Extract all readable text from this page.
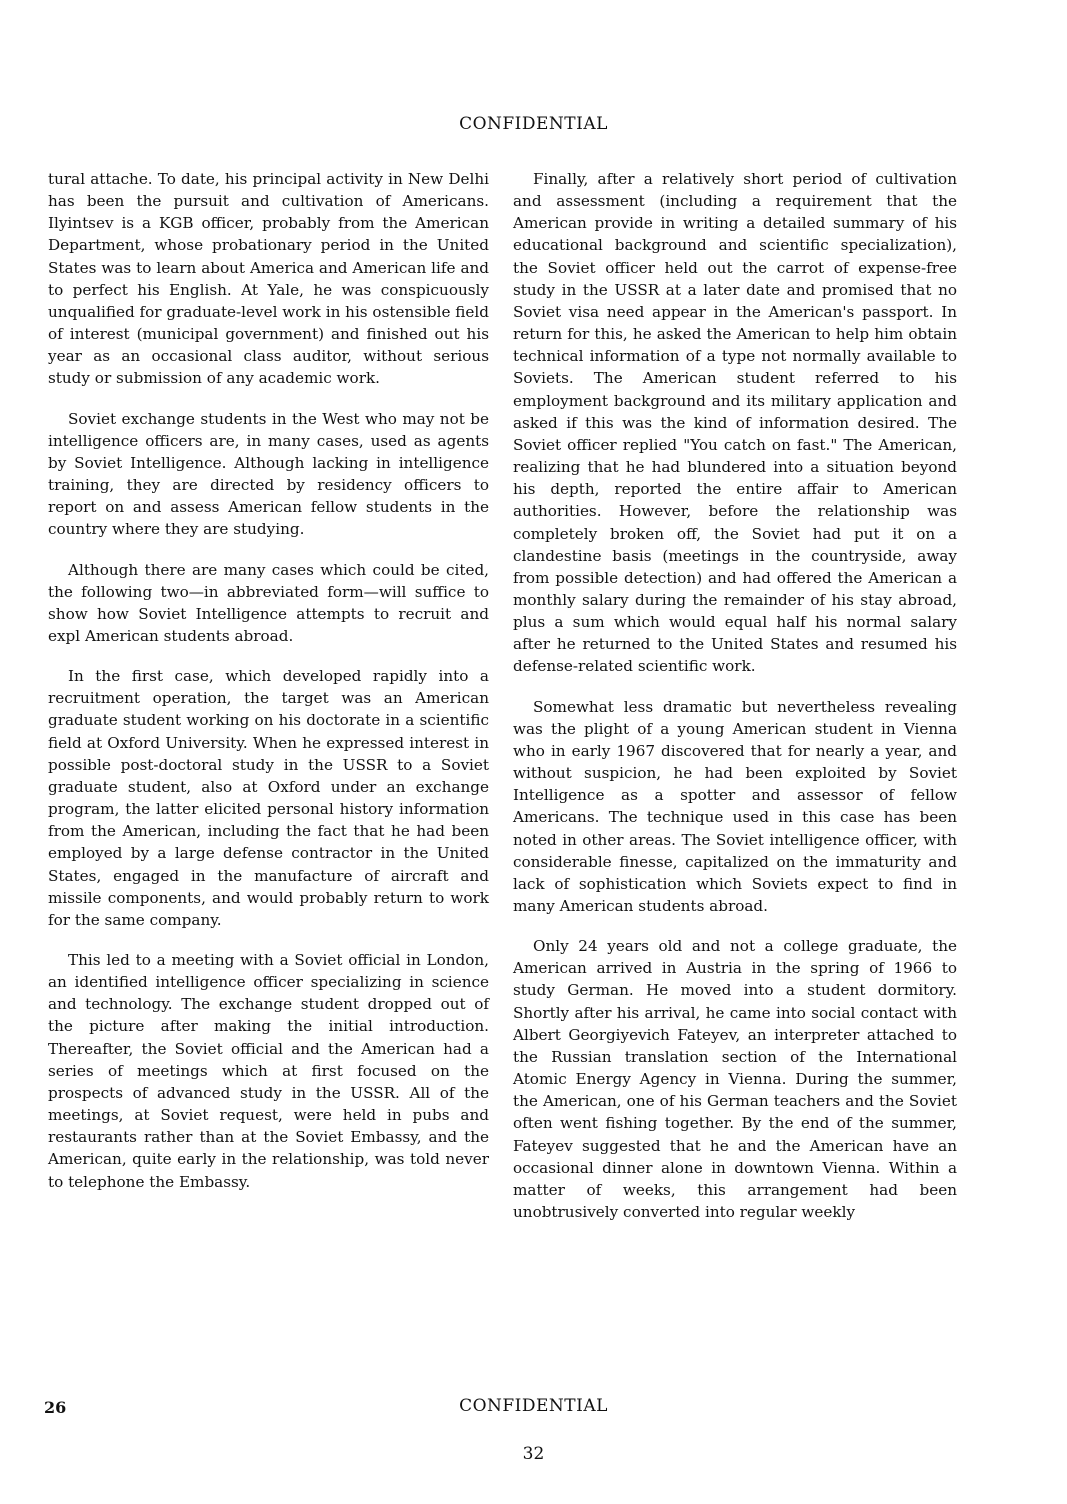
CONFIDENTIAL

tural attache. To date, his principal activity in New Delhi has been the pursuit and cultivation of Americans. Ilyintsev is a KGB officer, probably from the American Department, whose probationary period in the United States was to learn about America and American life and to perfect his English. At Yale, he was conspicuously unqualified for graduate-level work in his ostensible field of interest (municipal government) and finished out his year as an occasional class auditor, without serious study or submission of any academic work.

Soviet exchange students in the West who may not be intelligence officers are, in many cases, used as agents by Soviet Intelligence. Although lacking in intelligence training, they are directed by residency officers to report on and assess American fellow students in the country where they are studying.

Although there are many cases which could be cited, the following two—in abbreviated form—will suffice to show how Soviet Intelligence attempts to recruit and expl American students abroad.

In the first case, which developed rapidly into a recruitment operation, the target was an American graduate student working on his doctorate in a scientific field at Oxford University. When he expressed interest in possible post-doctoral study in the USSR to a Soviet graduate student, also at Oxford under an exchange program, the latter elicited personal history information from the American, including the fact that he had been employed by a large defense contractor in the United States, engaged in the manufacture of aircraft and missile components, and would probably return to work for the same company.

This led to a meeting with a Soviet official in London, an identified intelligence officer specializing in science and technology. The exchange student dropped out of the picture after making the initial introduction. Thereafter, the Soviet official and the American had a series of meetings which at first focused on the prospects of advanced study in the USSR. All of the meetings, at Soviet request, were held in pubs and restaurants rather than at the Soviet Embassy, and the American, quite early in the relationship, was told never to telephone the Embassy.

Finally, after a relatively short period of cultivation and assessment (including a requirement that the American provide in writing a detailed summary of his educational background and scientific specialization), the Soviet officer held out the carrot of expense-free study in the USSR at a later date and promised that no Soviet visa need appear in the American's passport. In return for this, he asked the American to help him obtain technical information of a type not normally available to Soviets. The American student referred to his employment background and its military application and asked if this was the kind of information desired. The Soviet officer replied "You catch on fast." The American, realizing that he had blundered into a situation beyond his depth, reported the entire affair to American authorities. However, before the relationship was completely broken off, the Soviet had put it on a clandestine basis (meetings in the countryside, away from possible detection) and had offered the American a monthly salary during the remainder of his stay abroad, plus a sum which would equal half his normal salary after he returned to the United States and resumed his defense-related scientific work.

Somewhat less dramatic but nevertheless revealing was the plight of a young American student in Vienna who in early 1967 discovered that for nearly a year, and without suspicion, he had been exploited by Soviet Intelligence as a spotter and assessor of fellow Americans. The technique used in this case has been noted in other areas. The Soviet intelligence officer, with considerable finesse, capitalized on the immaturity and lack of sophistication which Soviets expect to find in many American students abroad.

Only 24 years old and not a college graduate, the American arrived in Austria in the spring of 1966 to study German. He moved into a student dormitory. Shortly after his arrival, he came into social contact with Albert Georgiyevich Fateyev, an interpreter attached to the Russian translation section of the International Atomic Energy Agency in Vienna. During the summer, the American, one of his German teachers and the Soviet often went fishing together. By the end of the summer, Fateyev suggested that he and the American have an occasional dinner alone in downtown Vienna. Within a matter of weeks, this arrangement had been unobtrusively converted into regular weekly

26	CONFIDENTIAL
32
